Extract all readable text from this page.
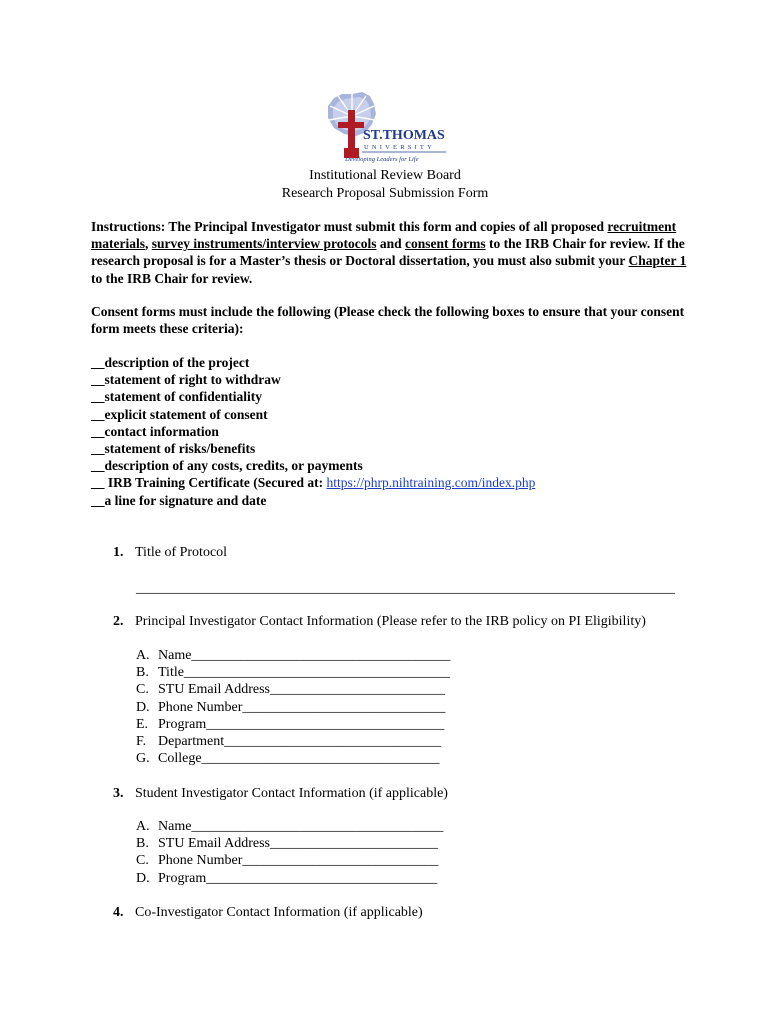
ST.THOMAS
UNIVERSITY
Developing Leaders for Life
Institutional Review Board
Research Proposal Submission Form
Instructions: The Principal Investigator must submit this form and copies of all proposed recruitment materials, survey instruments/interview protocols and consent forms to the IRB Chair for review. If the research proposal is for a Master’s thesis or Doctoral dissertation, you must also submit your Chapter 1 to the IRB Chair for review.
Consent forms must include the following (Please check the following boxes to ensure that your consent form meets these criteria):
__description of the project
__statement of right to withdraw
__statement of confidentiality
__explicit statement of consent
__contact information
__statement of risks/benefits
__description of any costs, credits, or payments
__ IRB Training Certificate (Secured at: https://phrp.nihtraining.com/index.php
__a line for signature and date
1. Title of Protocol
_____________________________________________________________________________
2. Principal Investigator Contact Information (Please refer to the IRB policy on PI Eligibility)
A. Name_____________________________________
B. Title______________________________________
C. STU Email Address_________________________
D. Phone Number_____________________________
E. Program__________________________________
F. Department_______________________________
G. College__________________________________
3. Student Investigator Contact Information (if applicable)
A. Name____________________________________
B. STU Email Address________________________
C. Phone Number____________________________
D. Program_________________________________
4. Co-Investigator Contact Information (if applicable)
